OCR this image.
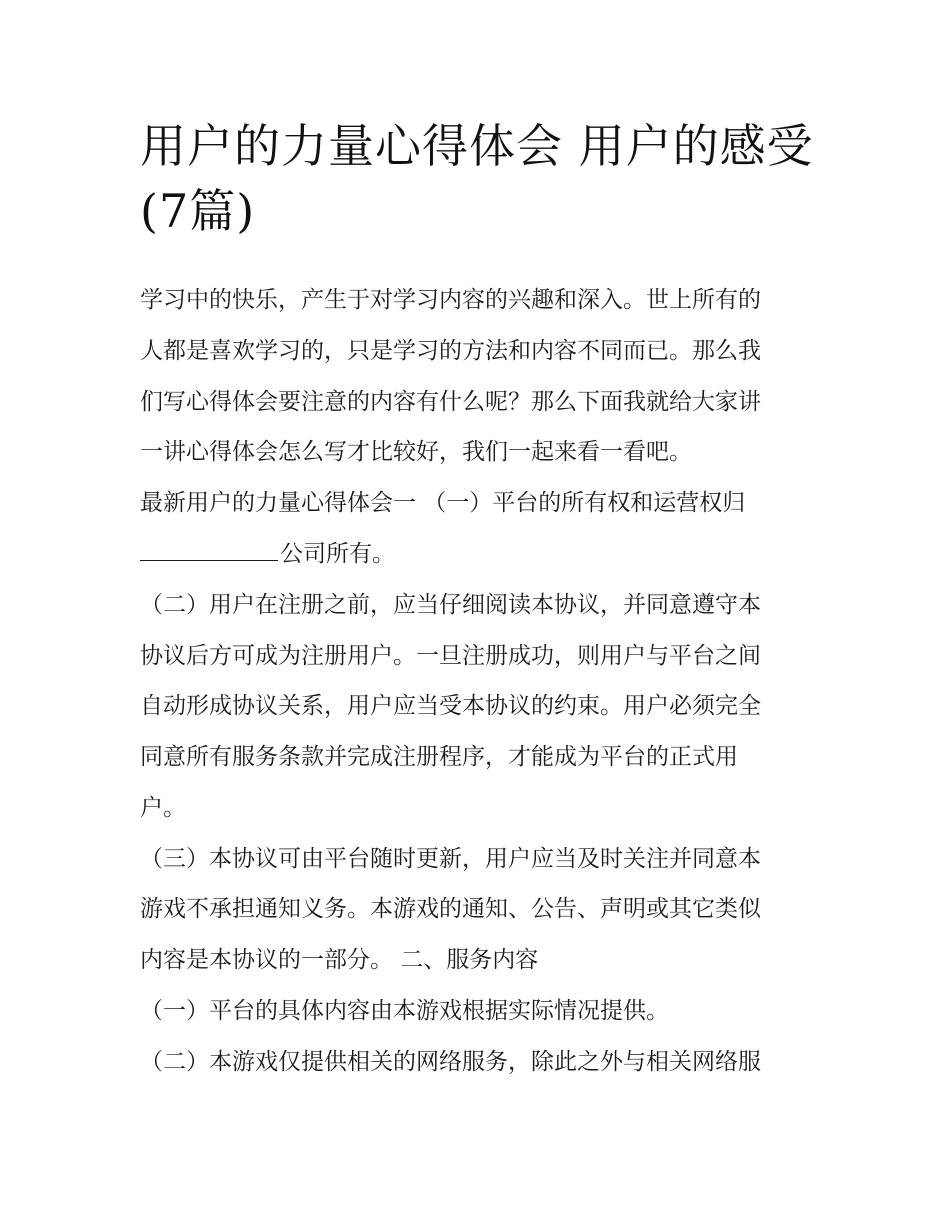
用户的力量心得体会 用户的感受(7篇)

学习中的快乐，产生于对学习内容的兴趣和深入。世上所有的

人都是喜欢学习的，只是学习的方法和内容不同而已。那么我

们写心得体会要注意的内容有什么呢？那么下面我就给大家讲

一讲心得体会怎么写才比较好，我们一起来看一看吧。

最新用户的力量心得体会一 （一）平台的所有权和运营权归

公司所有。

（二）用户在注册之前，应当仔细阅读本协议，并同意遵守本

协议后方可成为注册用户。一旦注册成功，则用户与平台之间

自动形成协议关系，用户应当受本协议的约束。用户必须完全

同意所有服务条款并完成注册程序，才能成为平台的正式用

户。

（三）本协议可由平台随时更新，用户应当及时关注并同意本

游戏不承担通知义务。本游戏的通知、公告、声明或其它类似

内容是本协议的一部分。 二、服务内容

（一）平台的具体内容由本游戏根据实际情况提供。

（二）本游戏仅提供相关的网络服务，除此之外与相关网络服
